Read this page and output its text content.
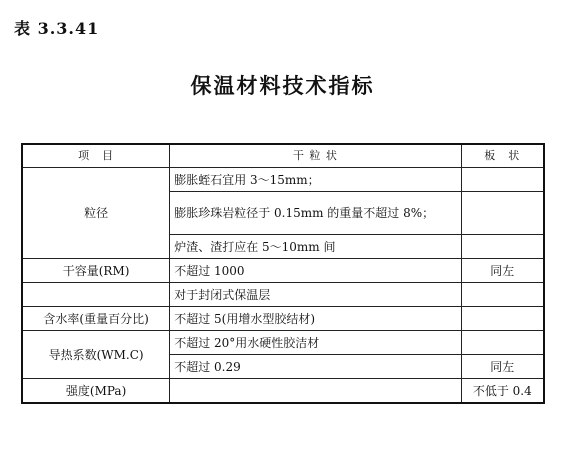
表 3.3.41
保温材料技术指标
项　目	干 粒 状	板　状
粒径	膨胀蛭石宜用 3～15mm；	
	膨胀珍珠岩粒径于 0.15mm 的重量不超过 8%；	
	炉渣、渣打应在 5～10mm 间	
干容量(RM)	不超过 1000	同左
	对于封闭式保温层	
含水率(重量百分比)	不超过 5(用增水型胶结材)	
导热系数(WM.C)	不超过 20°用水硬性胶洁材	
	不超过 0.29	同左
强度(MPa)		不低于 0.4
